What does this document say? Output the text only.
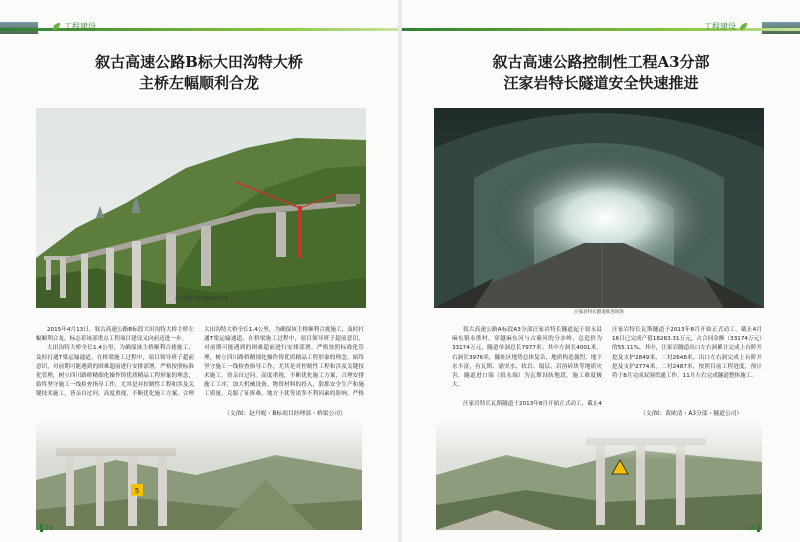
工程建设
叙古高速公路B标大田沟特大桥
主桥左幅顺利合龙
大田沟特大桥左幅顺利合龙

2015年4月13日，叙古高速公路B标段大田沟特大桥主桥左幅顺利合龙，标志着该部重点工程项目建设又向前迈进一步。

大田沟特大桥全长1.4公里，为确保该主桥顺利合拢施工，及时打通T梁运输通道，在桥梁施工过程中，项目领导班子超前意识，对前期可能遇到的困难超前进行安排部署。严格按照标准化管理，树立四川路桥精细化操作铸优质精品工程形象的理念，始终坚守施工一线检查指导工作，尤其是对控制性工程和涉及关键技术施工，皆亲自过问。高度重视，不断优化施工方案，合理

大田沟特大桥全长1.4公里，为确保该主桥顺利合拢施工，及时打通T梁运输通道，在桥梁施工过程中，项目领导班子超前意识，对前期可能遇到的困难超前进行安排部署。严格按照标准化管理，树立四川路桥精细化操作铸优质精品工程形象的理念，始终坚守施工一线检查指导工作，尤其是对控制性工程和涉及关键技术施工，皆亲自过问。高度重视，不断优化施工方案，合理安排施工工序，加大机械设备、物资材料的投入，狠抓安全生产和施工质量，克服了征拆难，地方干扰等诸多不利因素的影响，严格

（文/图：赵丹妮・B标项目经理部・桥梁公司）
5
24
工程建设
叙古高速公路控制性工程A3分部
汪家岩特长隧道安全快速推进
汪家岩特长隧道推进现场

叙古高速公路A标段A3分部汪家岩特长隧道起于叙永县麻东镇永胜村，穿越麻东河与古蔺河的分水岭，总造价为33174万元，隧道单洞总长7977米；其中左洞长4001米，右洞长3976米，隧址区地势总体复杂，地质构造强烈，地下水丰富，有瓦斯、涌突水、软岩、塌层、岩溶碎块等地质灾害，隧道进口端（叙永端）为瓦斯设防地段，施工难度极大。

汪家岩特长瓦斯隧道于2013年8月开始正式动工，截止4

汪家岩特长瓦斯隧道于2013年8月开始正式动工，截止4月16日已完成产值18283.31万元，占合同金额（33174万元）的55.11%。其中，汪家岩隧道出口左右洞累计完成上台阶开挖及支护2849米，二衬2648米，出口左右洞完成上台阶开挖及支护2774米，二衬2487米，按照目前工程进度，预计将于8月完成双洞贯通工作，11月左右完成隧道整体施工。

（文/图：黄欧清・A3分部・隧道公司）
25
